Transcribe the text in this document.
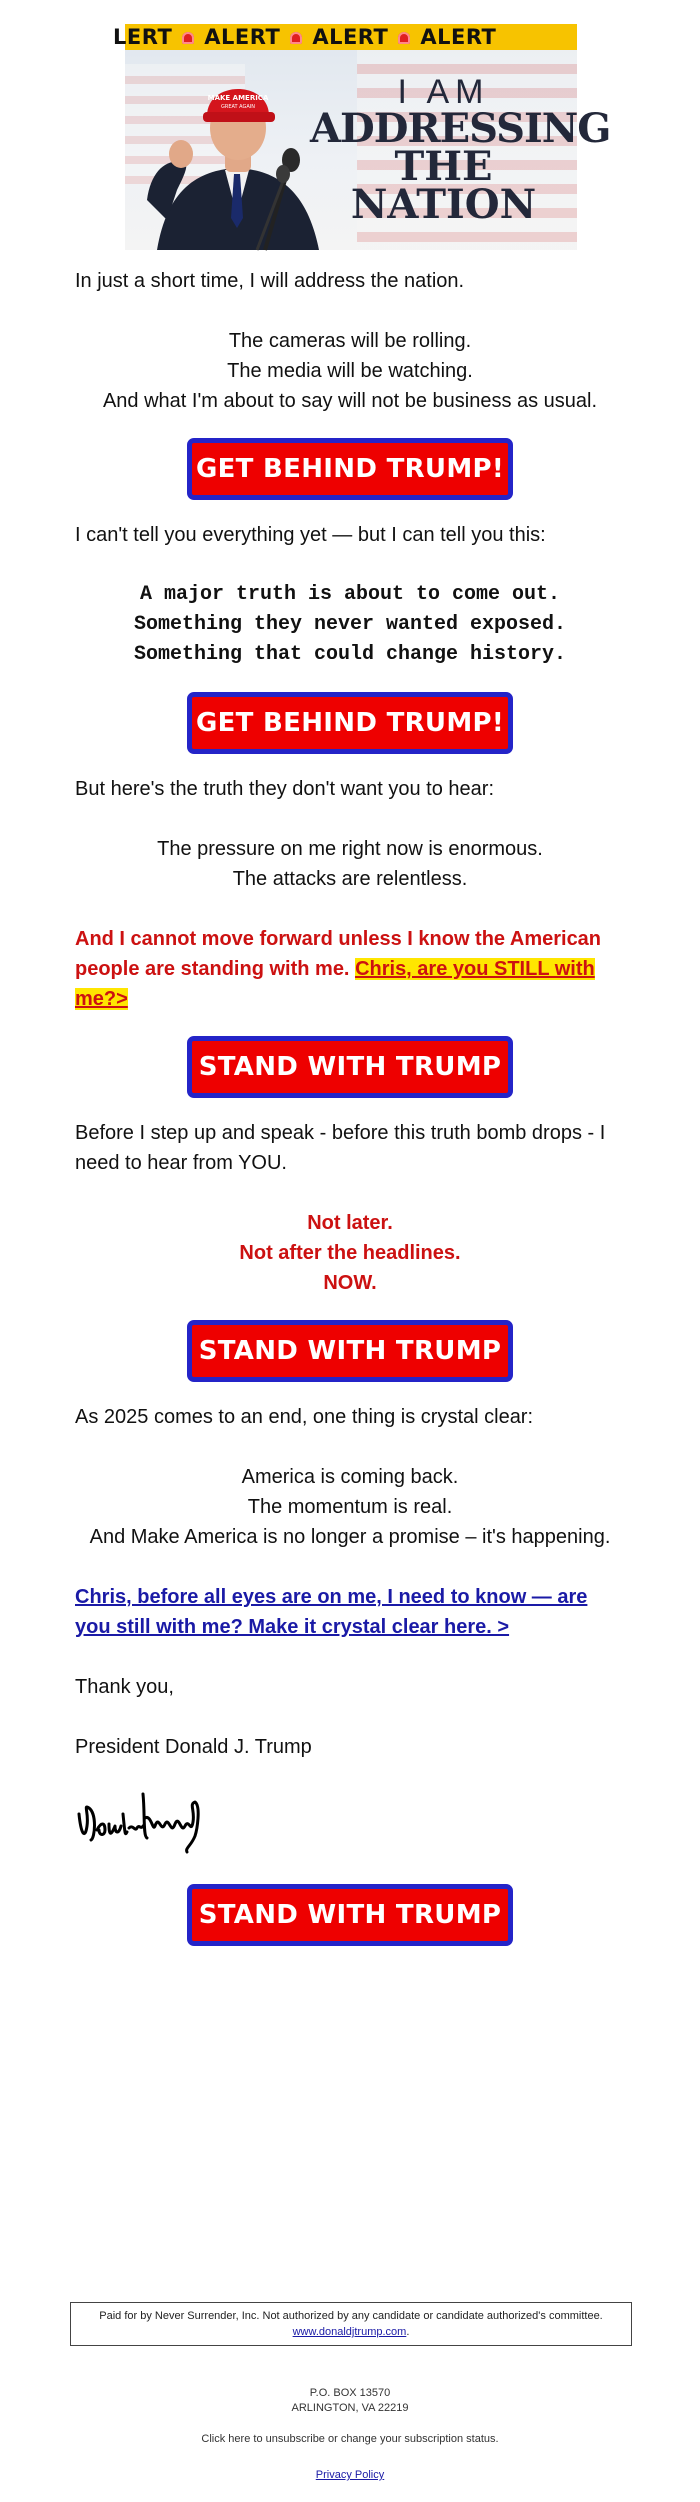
LERT ALERT ALERT ALERT
MAKE AMERICA
GREAT AGAIN	I AM
ADDRESSING
THE
NATION

In just a short time, I will address the nation.

The cameras will be rolling.

The media will be watching.

And what I'm about to say will not be business as usual.

GET BEHIND TRUMP!

I can't tell you everything yet — but I can tell you this:

A major truth is about to come out.

Something they never wanted exposed.

Something that could change history.

GET BEHIND TRUMP!

But here's the truth they don't want you to hear:

The pressure on me right now is enormous.

The attacks are relentless.

And I cannot move forward unless I know the American people are standing with me. Chris, are you STILL with me?>

STAND WITH TRUMP

Before I step up and speak - before this truth bomb drops - I need to hear from YOU.

Not later.

Not after the headlines.

NOW.

STAND WITH TRUMP

As 2025 comes to an end, one thing is crystal clear:

America is coming back.

The momentum is real.

And Make America is no longer a promise – it's happening.

Chris, before all eyes are on me, I need to know — are you still with me? Make it crystal clear here. >

Thank you,

President Donald J. Trump

STAND WITH TRUMP
Paid for by Never Surrender, Inc. Not authorized by any candidate or candidate authorized's committee.
www.donaldjtrump.com.
P.O. BOX 13570
ARLINGTON, VA 22219
Click here to unsubscribe or change your subscription status.
Privacy Policy
